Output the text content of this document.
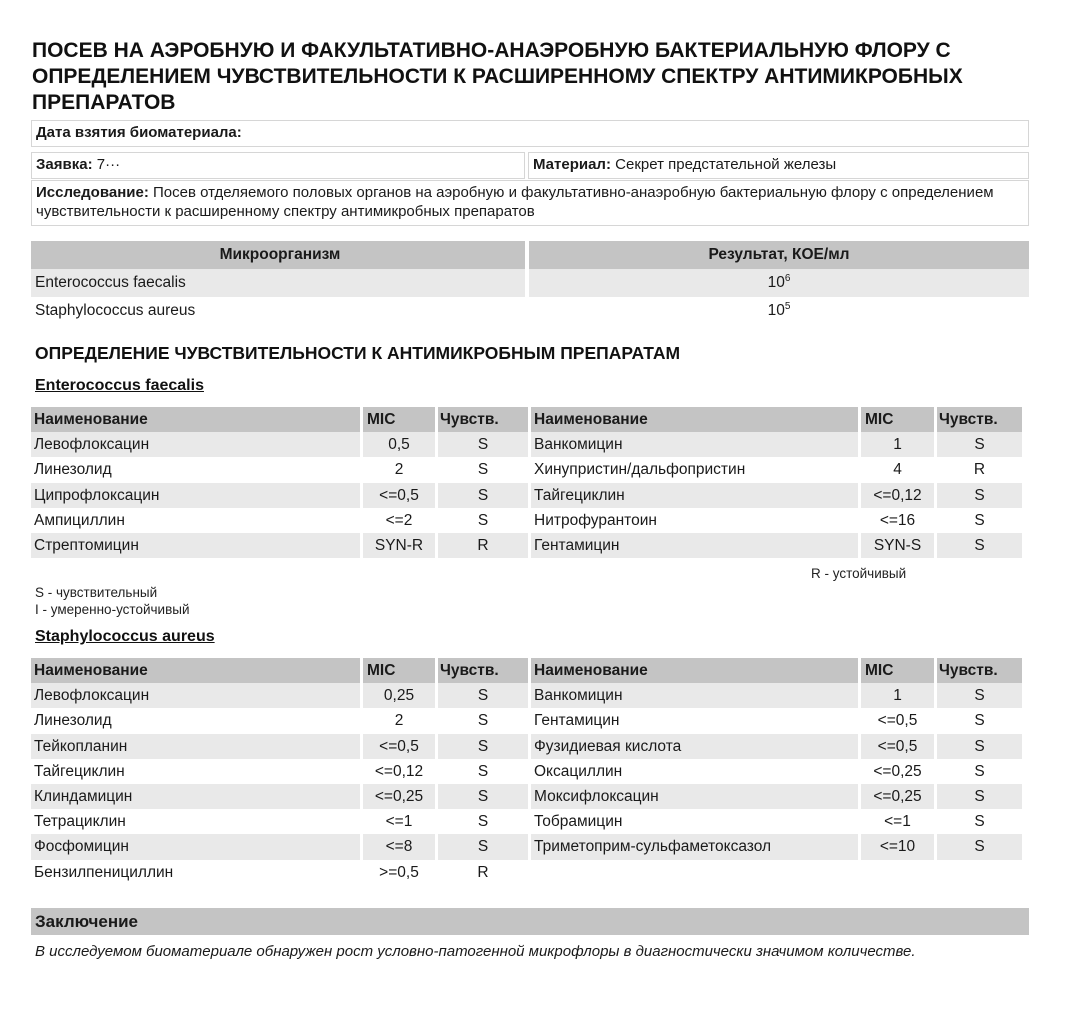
ПОСЕВ НА АЭРОБНУЮ И ФАКУЛЬТАТИВНО-АНАЭРОБНУЮ БАКТЕРИАЛЬНУЮ ФЛОРУ С ОПРЕДЕЛЕНИЕМ ЧУВСТВИТЕЛЬНОСТИ К РАСШИРЕННОМУ СПЕКТРУ АНТИМИКРОБНЫХ ПРЕПАРАТОВ
Дата взятия биоматериала:
Заявка: 7···	Материал: Секрет предстательной железы
Исследование: Посев отделяемого половых органов на аэробную и факультативно-анаэробную бактериальную флору с определением чувствительности к расширенному спектру антимикробных препаратов
Микроорганизм	Результат, КОЕ/мл
Enterococcus faecalis	$10^6$
Staphylococcus aureus	$10^5$
ОПРЕДЕЛЕНИЕ ЧУВСТВИТЕЛЬНОСТИ К АНТИМИКРОБНЫМ ПРЕПАРАТАМ
Enterococcus faecalis
Наименование	MIC	Чувств.	Наименование	MIC	Чувств.
Левофлоксацин	0,5	S	Ванкомицин	1	S
Линезолид	2	S	Хинупристин/дальфопристин	4	R
Ципрофлоксацин	<=0,5	S	Тайгециклин	<=0,12	S
Ампициллин	<=2	S	Нитрофурантоин	<=16	S
Стрептомицин	SYN-R	R	Гентамицин	SYN-S	S
R - устойчивый
S - чувствительный
I - умеренно-устойчивый
Staphylococcus aureus
Наименование	MIC	Чувств.	Наименование	MIC	Чувств.
Левофлоксацин	0,25	S	Ванкомицин	1	S
Линезолид	2	S	Гентамицин	<=0,5	S
Тейкопланин	<=0,5	S	Фузидиевая кислота	<=0,5	S
Тайгециклин	<=0,12	S	Оксациллин	<=0,25	S
Клиндамицин	<=0,25	S	Моксифлоксацин	<=0,25	S
Тетрациклин	<=1	S	Тобрамицин	<=1	S
Фосфомицин	<=8	S	Триметоприм-сульфаметоксазол	<=10	S
Бензилпенициллин	>=0,5	R
Заключение
В исследуемом биоматериале обнаружен рост условно-патогенной микрофлоры в диагностически значимом количестве.
